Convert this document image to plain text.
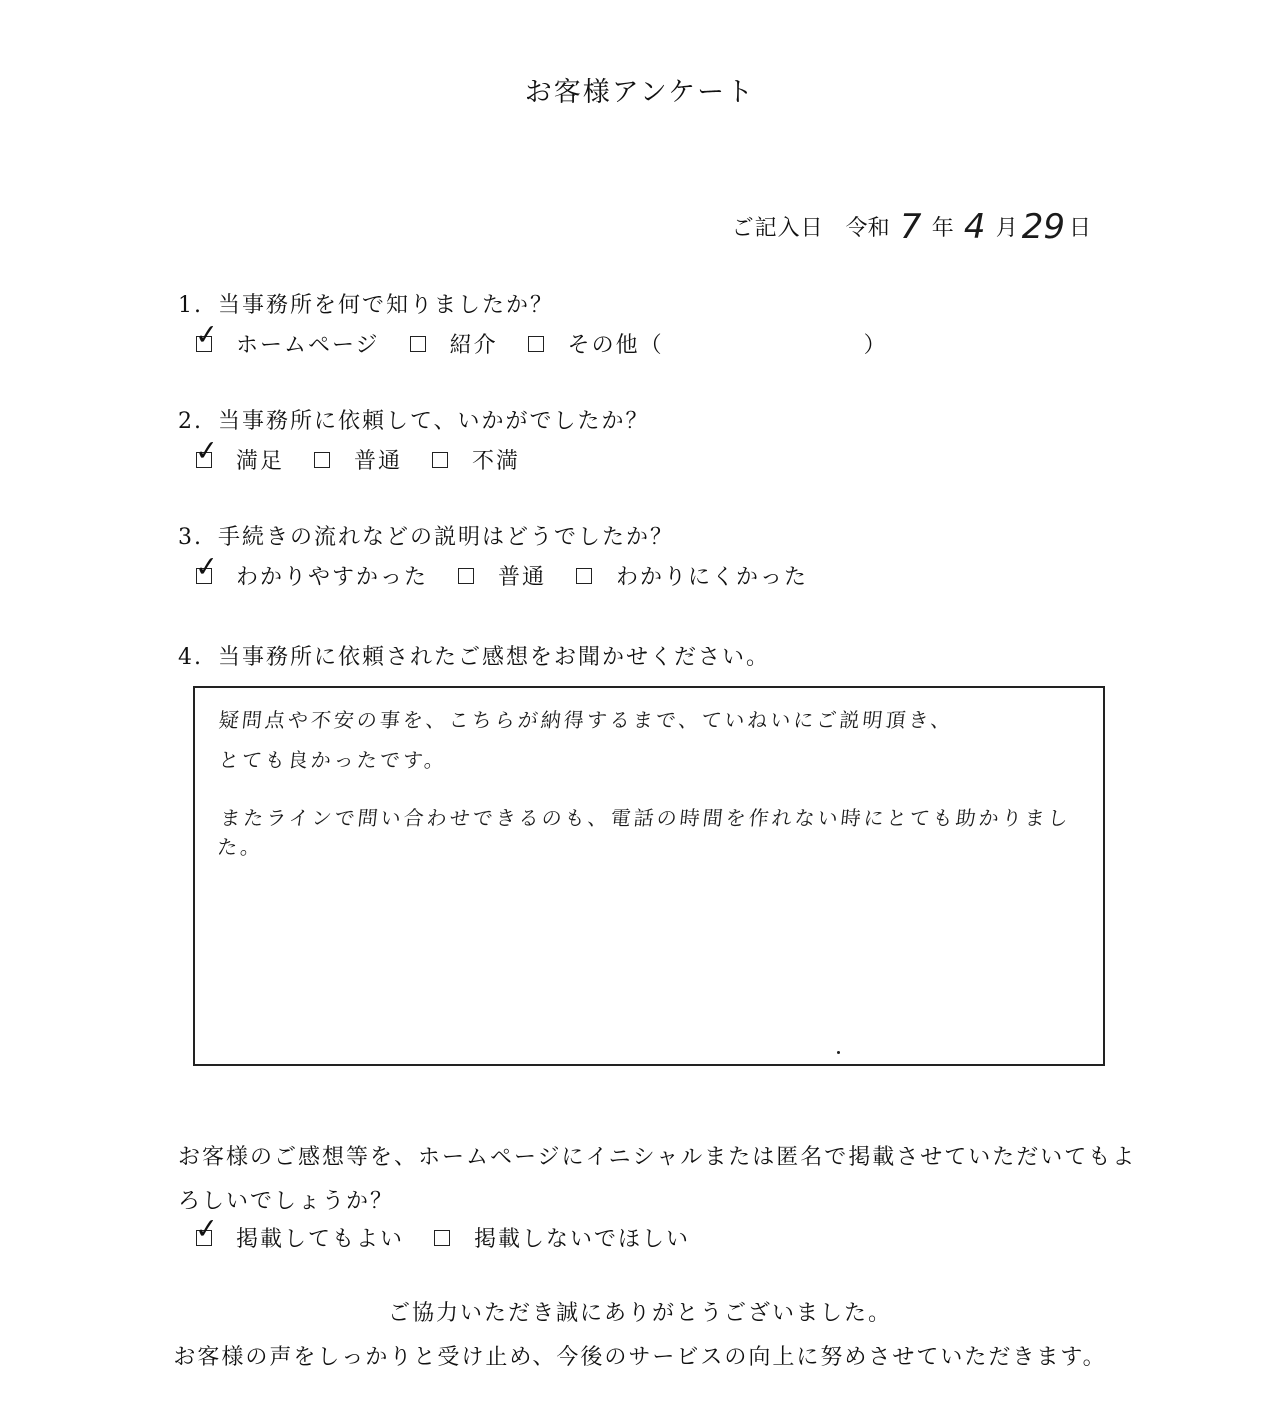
お客様アンケート
ご記入日 令和 7 年 4 月 29 日
1. 当事務所を何で知りましたか？
✓ ホームページ	紹介	その他（	）
2. 当事務所に依頼して、いかがでしたか？
✓ 満足	普通	不満
3. 手続きの流れなどの説明はどうでしたか？
✓ わかりやすかった	普通	わかりにくかった
4. 当事務所に依頼されたご感想をお聞かせください。
疑問点や不安の事を、こちらが納得するまで、ていねいにご説明頂き、
とても良かったです。
またラインで問い合わせできるのも、電話の時間を作れない時にとても助かりました。
お客様のご感想等を、ホームページにイニシャルまたは匿名で掲載させていただいてもよ
ろしいでしょうか？
✓ 掲載してもよい	掲載しないでほしい
ご協力いただき誠にありがとうございました。
お客様の声をしっかりと受け止め、今後のサービスの向上に努めさせていただきます。
